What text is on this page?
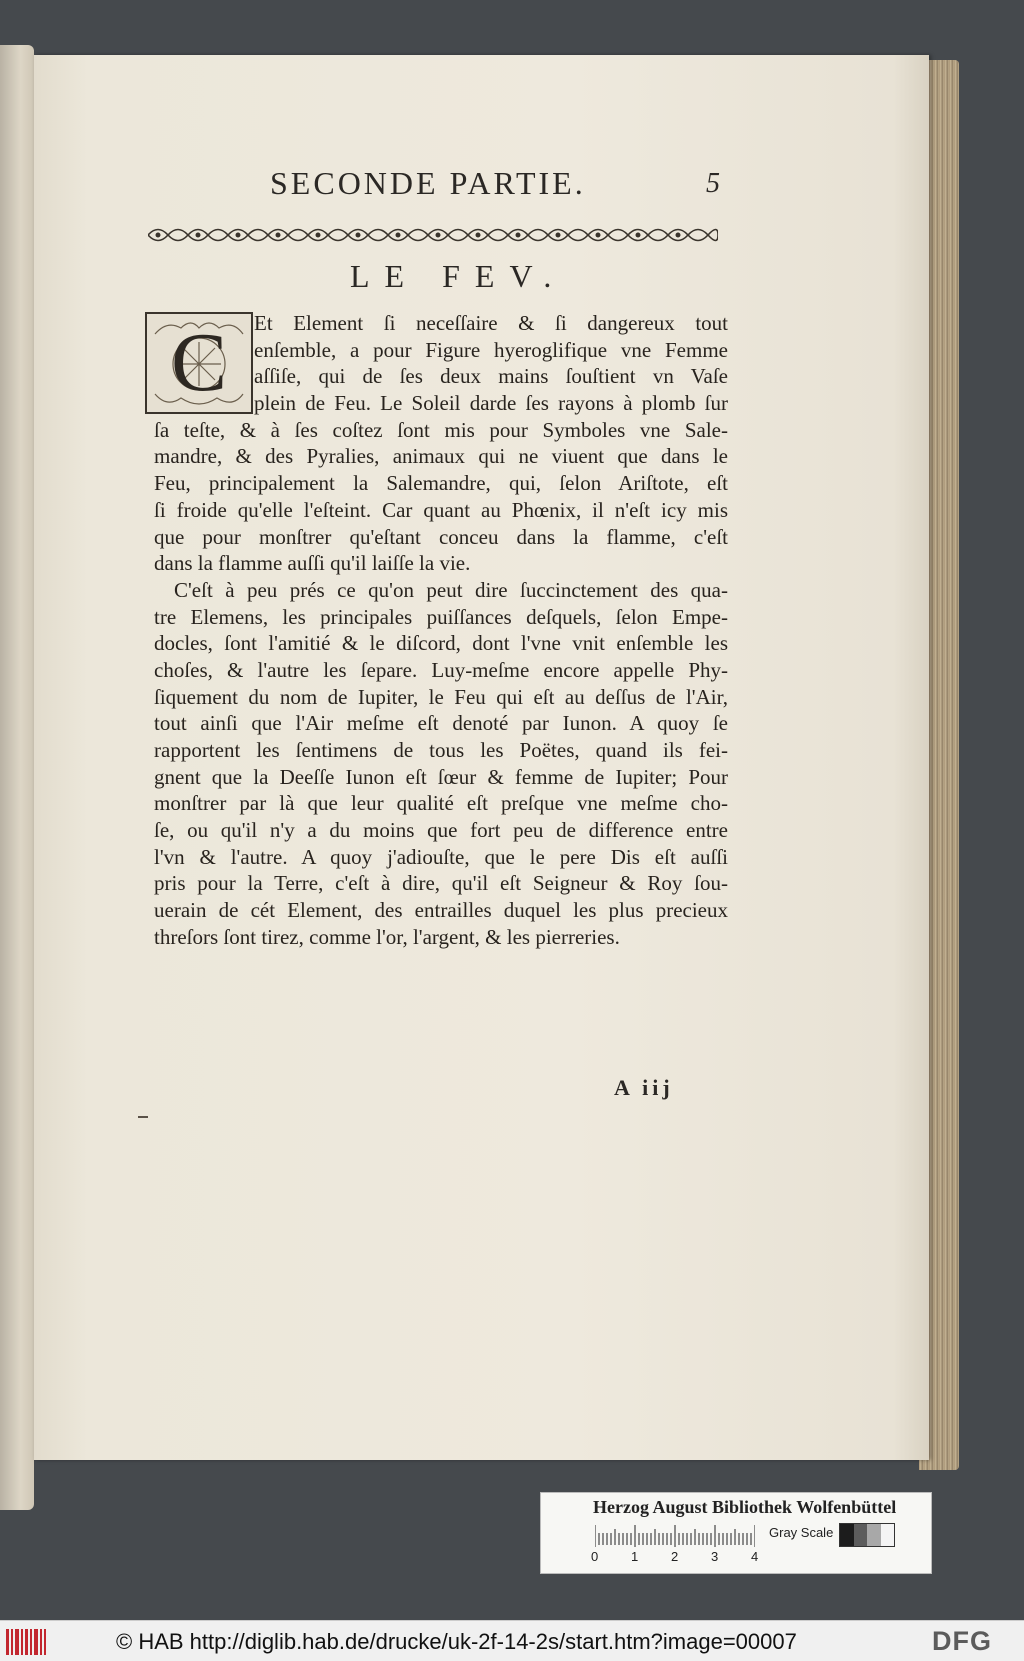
SECONDE PARTIE.	5
LE FEV.
C	Et Element ſi neceſſaire & ſi dangereux tout
enſemble, a pour Figure hyeroglifique vne Femme
aſſiſe, qui de ſes deux mains ſouſtient vn Vaſe
plein de Feu. Le Soleil darde ſes rayons à plomb ſur
ſa teſte, & à ſes coſtez ſont mis pour Symboles vne Sale-
mandre, & des Pyralies, animaux qui ne viuent que dans le
Feu, principalement la Salemandre, qui, ſelon Ariſtote, eſt
ſi froide qu'elle l'eſteint. Car quant au Phœnix, il n'eſt icy mis
que pour monſtrer qu'eſtant conceu dans la flamme, c'eſt
dans la flamme auſſi qu'il laiſſe la vie.
C'eſt à peu prés ce qu'on peut dire ſuccinctement des qua-
tre Elemens, les principales puiſſances deſquels, ſelon Empe-
docles, ſont l'amitié & le diſcord, dont l'vne vnit enſemble les
choſes, & l'autre les ſepare. Luy-meſme encore appelle Phy-
ſiquement du nom de Iupiter, le Feu qui eſt au deſſus de l'Air,
tout ainſi que l'Air meſme eſt denoté par Iunon. A quoy ſe
rapportent les ſentimens de tous les Poëtes, quand ils fei-
gnent que la Deeſſe Iunon eſt ſœur & femme de Iupiter; Pour
monſtrer par là que leur qualité eſt preſque vne meſme cho-
ſe, ou qu'il n'y a du moins que fort peu de difference entre
l'vn & l'autre. A quoy j'adiouſte, que le pere Dis eſt auſſi
pris pour la Terre, c'eſt à dire, qu'il eſt Seigneur & Roy ſou-
uerain de cét Element, des entrailles duquel les plus precieux
threſors ſont tirez, comme l'or, l'argent, & les pierreries.
A iij
Herzog August Bibliothek Wolfenbüttel
0	1	2	3	4
Gray Scale
© HAB http://diglib.hab.de/drucke/uk-2f-14-2s/start.htm?image=00007	DFG
